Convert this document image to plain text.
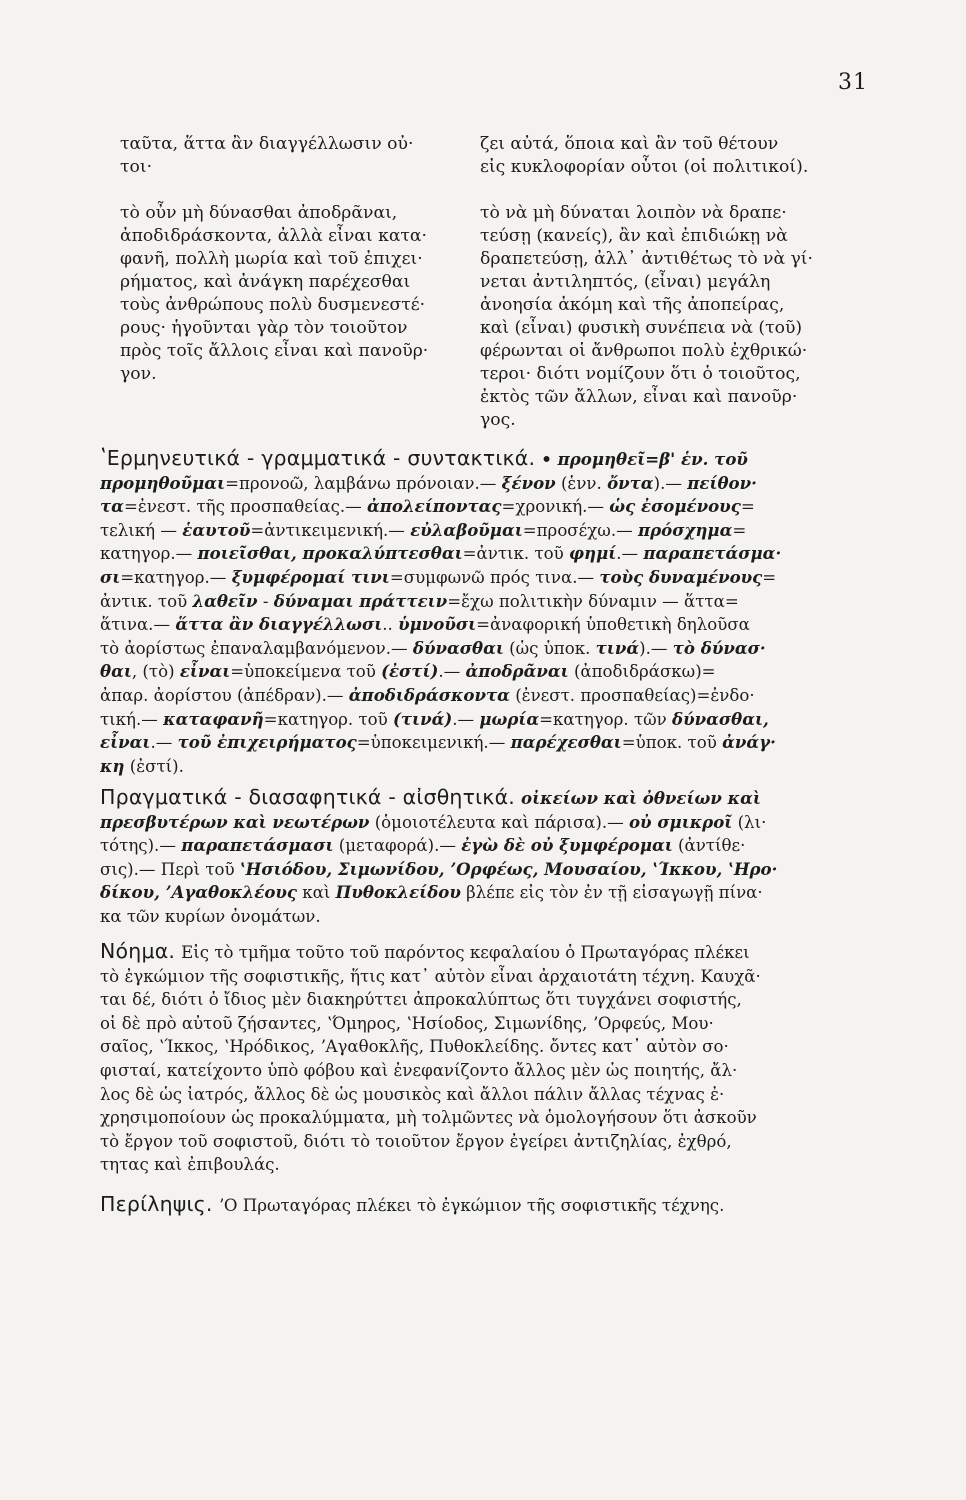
31
ταῦτα, ἅττα ἂν διαγγέλλωσιν οὐ·
τοι·

τὸ οὖν μὴ δύνασθαι ἀποδρᾶναι,
ἀποδιδράσκοντα, ἀλλὰ εἶναι κατα·
φανῆ, πολλὴ μωρία καὶ τοῦ ἐπιχει·
ρήματος, καὶ ἀνάγκη παρέχεσθαι
τοὺς ἀνθρώπους πολὺ δυσμενεστέ·
ρους· ἡγοῦνται γὰρ τὸν τοιοῦτον
πρὸς τοῖς ἄλλοις εἶναι καὶ πανοῦρ·
γον.
ζει αὐτά, ὅποια καὶ ἂν τοῦ θέτουν
εἰς κυκλοφορίαν οὗτοι (οἱ πολιτικοί).

τὸ νὰ μὴ δύναται λοιπὸν νὰ δραπε·
τεύσῃ (κανείς), ἂν καὶ ἐπιδιώκῃ νὰ
δραπετεύσῃ, ἀλλ᾽ ἀντιθέτως τὸ νὰ γί·
νεται ἀντιληπτός, (εἶναι) μεγάλη
ἀνοησία ἀκόμη καὶ τῆς ἀποπείρας,
καὶ (εἶναι) φυσικὴ συνέπεια νὰ (τοῦ)
φέρωνται οἱ ἄνθρωποι πολὺ ἐχθρικώ·
τεροι· διότι νομίζουν ὅτι ὁ τοιοῦτος,
ἐκτὸς τῶν ἄλλων, εἶναι καὶ πανοῦρ·
γος.
ʽΕρμηνευτικά - γραμματικά - συντακτικά. • προμηθεῖ=β' ἑν. τοῦ
προμηθοῦμαι=προνοῶ, λαμβάνω πρόνοιαν.— ξένον (ἑνν. ὄντα).— πείθον·
τα=ἐνεστ. τῆς προσπαθείας.— ἀπολείποντας=χρονική.— ὡς ἐσομένους=
τελική — ἑαυτοῦ=ἀντικειμενική.— εὐλαβοῦμαι=προσέχω.— πρόσχημα=
κατηγορ.— ποιεῖσθαι, προκαλύπτεσθαι=ἀντικ. τοῦ φημί.— παραπετάσμα·
σι=κατηγορ.— ξυμφέρομαί τινι=συμφωνῶ πρός τινα.— τοὺς δυναμένους=
ἀντικ. τοῦ λαθεῖν - δύναμαι πράττειν=ἔχω πολιτικὴν δύναμιν — ἅττα=
ἅτινα.— ἅττα ἂν διαγγέλλωσι.. ὑμνοῦσι=ἀναφορική ὑποθετικὴ δηλοῦσα
τὸ ἀορίστως ἐπαναλαμβανόμενον.— δύνασθαι (ὡς ὑποκ. τινά).— τὸ δύνασ·
θαι, (τὸ) εἶναι=ὑποκείμενα τοῦ (ἐστί).— ἀποδρᾶναι (ἀποδιδράσκω)=
ἀπαρ. ἀορίστου (ἀπέδραν).— ἀποδιδράσκοντα (ἐνεστ. προσπαθείας)=ἐνδο·
τική.— καταφανῆ=κατηγορ. τοῦ (τινά).— μωρία=κατηγορ. τῶν δύνασθαι,
εἶναι.— τοῦ ἐπιχειρήματος=ὑποκειμενική.— παρέχεσθαι=ὑποκ. τοῦ ἀνάγ·
κη (ἐστί).
Πραγματικά - διασαφητικά - αἰσθητικά. οἰκείων καὶ ὀθνείων καὶ
πρεσβυτέρων καὶ νεωτέρων (ὁμοιοτέλευτα καὶ πάρισα).— οὐ σμικροῖ (λι·
τότης).— παραπετάσμασι (μεταφορά).— ἐγὼ δὲ οὐ ξυμφέρομαι (ἀντίθε·
σις).— Περὶ τοῦ ʽΗσιόδου, Σιμωνίδου, ʼΟρφέως, Μουσαίου, ʽΊκκου, ʽΗρο·
δίκου, ʼΑγαθοκλέους καὶ Πυθοκλείδου βλέπε εἰς τὸν ἐν τῇ εἰσαγωγῇ πίνα·
κα τῶν κυρίων ὀνομάτων.
Νόημα. Εἰς τὸ τμῆμα τοῦτο τοῦ παρόντος κεφαλαίου ὁ Πρωταγόρας πλέκει
τὸ ἐγκώμιον τῆς σοφιστικῆς, ἥτις κατ᾽ αὐτὸν εἶναι ἀρχαιοτάτη τέχνη. Καυχᾶ·
ται δέ, διότι ὁ ἴδιος μὲν διακηρύττει ἀπροκαλύπτως ὅτι τυγχάνει σοφιστής,
οἱ δὲ πρὸ αὐτοῦ ζήσαντες, ʽΌμηρος, ʽΗσίοδος, Σιμωνίδης, ʼΟρφεύς, Μου·
σαῖος, ʽΊκκος, ʽΗρόδικος, ʼΑγαθοκλῆς, Πυθοκλείδης. ὄντες κατ᾽ αὐτὸν σο·
φισταί, κατείχοντο ὑπὸ φόβου καὶ ἐνεφανίζοντο ἄλλος μὲν ὡς ποιητής, ἄλ·
λος δὲ ὡς ἰατρός, ἄλλος δὲ ὡς μουσικὸς καὶ ἄλλοι πάλιν ἄλλας τέχνας ἐ·
χρησιμοποίουν ὡς προκαλύμματα, μὴ τολμῶντες νὰ ὁμολογήσουν ὅτι ἀσκοῦν
τὸ ἔργον τοῦ σοφιστοῦ, διότι τὸ τοιοῦτον ἔργον ἐγείρει ἀντιζηλίας, ἐχθρό,
τητας καὶ ἐπιβουλάς.
Περίληψις. ʼΟ Πρωταγόρας πλέκει τὸ ἐγκώμιον τῆς σοφιστικῆς τέχνης.
